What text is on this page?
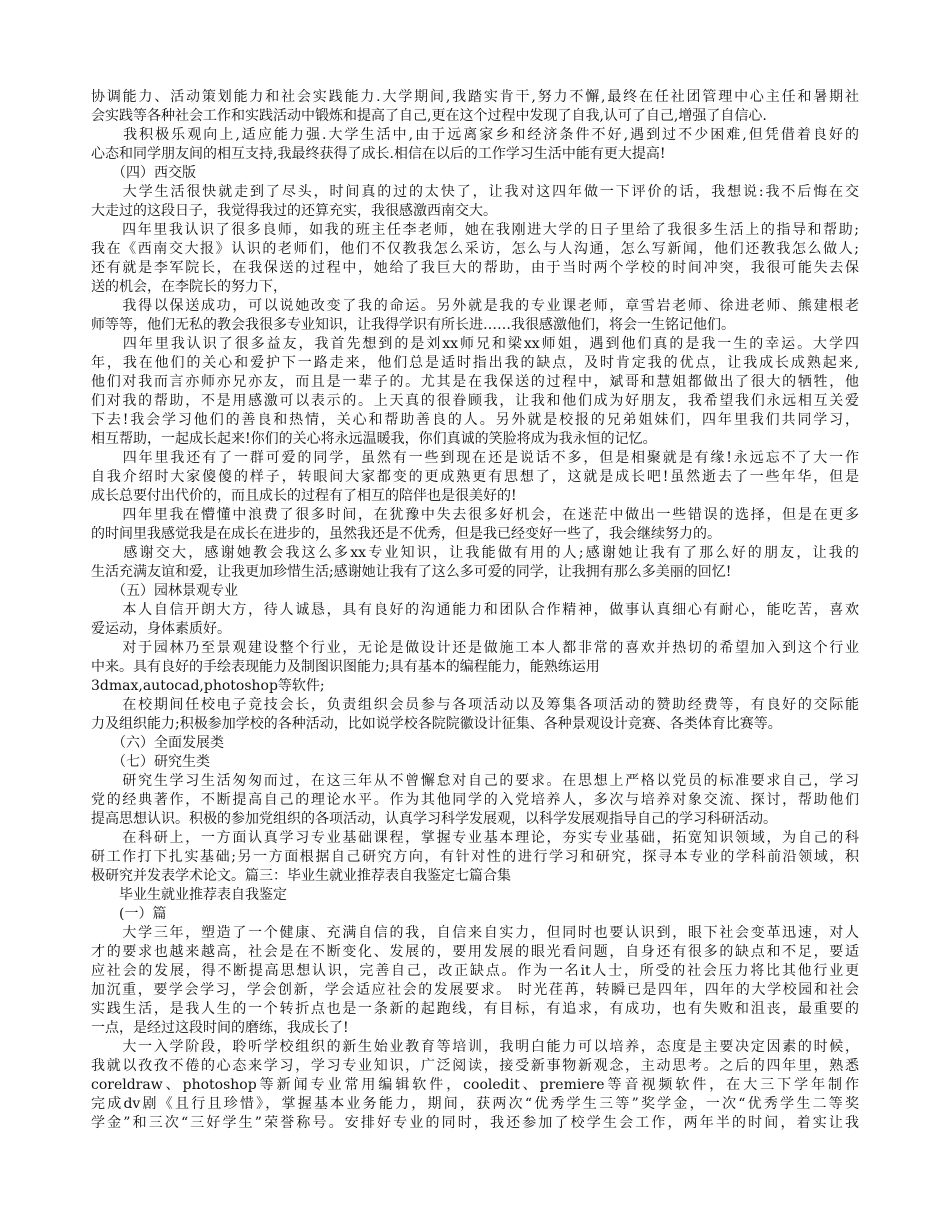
协调能力、活动策划能力和社会实践能力.大学期间,我踏实肯干,努力不懈,最终在任社团管理中心主任和暑期社
会实践等各种社会工作和实践活动中锻炼和提高了自己,更在这个过程中发现了自我,认可了自己,增强了自信心.
　　我积极乐观向上,适应能力强.大学生活中,由于远离家乡和经济条件不好,遇到过不少困难,但凭借着良好的
心态和同学朋友间的相互支持,我最终获得了成长.相信在以后的工作学习生活中能有更大提高!
　　（四）西交版
　　大学生活很快就走到了尽头，时间真的过的太快了，让我对这四年做一下评价的话，我想说:我不后悔在交
大走过的这段日子，我觉得我过的还算充实，我很感激西南交大。
　　四年里我认识了很多良师，如我的班主任李老师，她在我刚进大学的日子里给了我很多生活上的指导和帮助;
我在《西南交大报》认识的老师们，他们不仅教我怎么采访，怎么与人沟通，怎么写新闻，他们还教我怎么做人;
还有就是李军院长，在我保送的过程中，她给了我巨大的帮助，由于当时两个学校的时间冲突，我很可能失去保
送的机会，在李院长的努力下，
　　我得以保送成功，可以说她改变了我的命运。另外就是我的专业课老师，章雪岩老师、徐进老师、熊建根老
师等等，他们无私的教会我很多专业知识，让我得学识有所长进……我很感激他们，将会一生铭记他们。
　　四年里我认识了很多益友，我首先想到的是刘xx师兄和梁xx师姐，遇到他们真的是我一生的幸运。大学四
年，我在他们的关心和爱护下一路走来，他们总是适时指出我的缺点，及时肯定我的优点，让我成长成熟起来,
他们对我而言亦师亦兄亦友，而且是一辈子的。尤其是在我保送的过程中，斌哥和慧姐都做出了很大的牺牲，他
们对我的帮助，不是用感激可以表示的。上天真的很眷顾我，让我和他们成为好朋友，我希望我们永远相互关爱
下去!我会学习他们的善良和热情，关心和帮助善良的人。另外就是校报的兄弟姐妹们，四年里我们共同学习，
相互帮助，一起成长起来!你们的关心将永远温暖我，你们真诚的笑脸将成为我永恒的记忆。
　　四年里我还有了一群可爱的同学，虽然有一些到现在还是说话不多，但是相聚就是有缘!永远忘不了大一作
自我介绍时大家傻傻的样子，转眼间大家都变的更成熟更有思想了，这就是成长吧!虽然逝去了一些年华，但是
成长总要付出代价的，而且成长的过程有了相互的陪伴也是很美好的!
　　四年里我在懵懂中浪费了很多时间，在犹豫中失去很多好机会，在迷茫中做出一些错误的选择，但是在更多
的时间里我感觉我是在成长在进步的，虽然我还是不优秀，但是我已经变好一些了，我会继续努力的。
　　感谢交大，感谢她教会我这么多xx专业知识，让我能做有用的人;感谢她让我有了那么好的朋友，让我的
生活充满友谊和爱，让我更加珍惜生活;感谢她让我有了这么多可爱的同学，让我拥有那么多美丽的回忆!
　　（五）园林景观专业
　　本人自信开朗大方，待人诚恳，具有良好的沟通能力和团队合作精神，做事认真细心有耐心，能吃苦，喜欢
爱运动，身体素质好。
　　对于园林乃至景观建设整个行业，无论是做设计还是做施工本人都非常的喜欢并热切的希望加入到这个行业
中来。具有良好的手绘表现能力及制图识图能力;具有基本的编程能力，能熟练运用
3dmax,autocad,photoshop等软件;
　　在校期间任校电子竞技会长，负责组织会员参与各项活动以及筹集各项活动的赞助经费等，有良好的交际能
力及组织能力;积极参加学校的各种活动，比如说学校各院院徽设计征集、各种景观设计竞赛、各类体育比赛等。
　　（六）全面发展类
　　（七）研究生类
　　研究生学习生活匆匆而过，在这三年从不曾懈怠对自己的要求。在思想上严格以党员的标准要求自己，学习
党的经典著作，不断提高自己的理论水平。作为其他同学的入党培养人，多次与培养对象交流、探讨，帮助他们
提高思想认识。积极的参加党组织的各项活动，认真学习科学发展观，以科学发展观指导自己的学习科研活动。
　　在科研上，一方面认真学习专业基础课程，掌握专业基本理论，夯实专业基础，拓宽知识领域，为自己的科
研工作打下扎实基础;另一方面根据自己研究方向，有针对性的进行学习和研究，探寻本专业的学科前沿领域，积
极研究并发表学术论文。篇三：毕业生就业推荐表自我鉴定七篇合集
　　毕业生就业推荐表自我鉴定
　　(一）篇
　　大学三年，塑造了一个健康、充满自信的我，自信来自实力，但同时也要认识到，眼下社会变革迅速，对人
才的要求也越来越高，社会是在不断变化、发展的，要用发展的眼光看问题，自身还有很多的缺点和不足，要适
应社会的发展，得不断提高思想认识，完善自己，改正缺点。作为一名it人士，所受的社会压力将比其他行业更
加沉重，要学会学习，学会创新，学会适应社会的发展要求。 时光荏苒，转瞬已是四年，四年的大学校园和社会
实践生活，是我人生的一个转折点也是一条新的起跑线，有目标，有追求，有成功，也有失败和沮丧，最重要的
一点，是经过这段时间的磨练，我成长了!
　　大一入学阶段，聆听学校组织的新生始业教育等培训，我明白能力可以培养，态度是主要决定因素的时候，
我就以孜孜不倦的心态来学习，学习专业知识，广泛阅读，接受新事物新观念，主动思考。之后的四年里，熟悉
coreldraw、photoshop等新闻专业常用编辑软件，cooledit、premiere等音视频软件，在大三下学年制作
完成dv剧《且行且珍惜》，掌握基本业务能力，期间，获两次“优秀学生三等”奖学金，一次“优秀学生二等奖
学金”和三次“三好学生”荣誉称号。安排好专业的同时，我还参加了校学生会工作，两年半的时间，着实让我
